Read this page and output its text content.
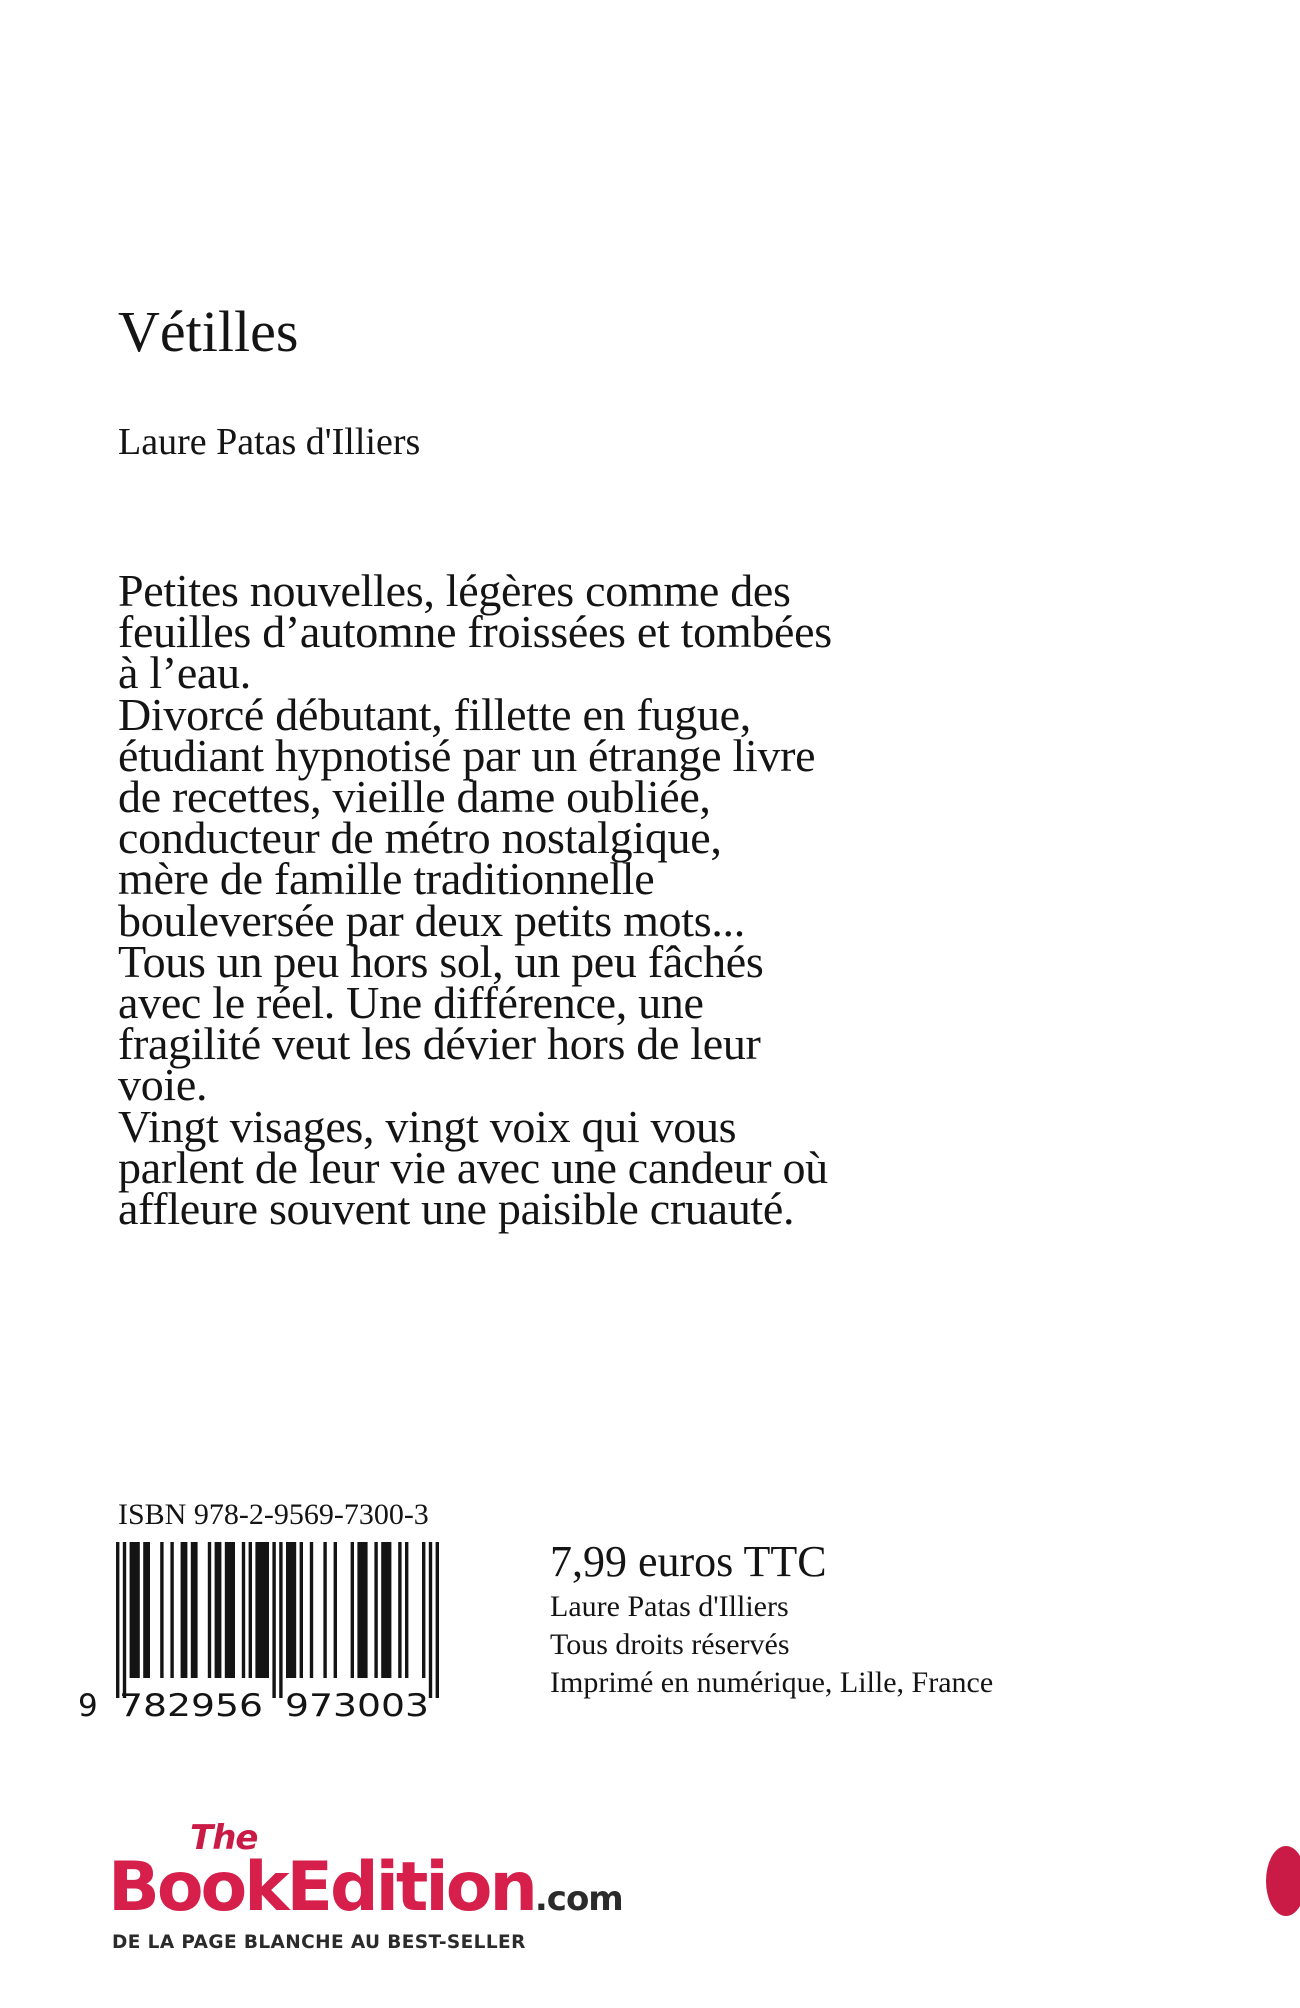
Vétilles
Laure Patas d'Illiers
Petites nouvelles, légères comme des
feuilles d’automne froissées et tombées
à l’eau.
Divorcé débutant, fillette en fugue,
étudiant hypnotisé par un étrange livre
de recettes, vieille dame oubliée,
conducteur de métro nostalgique,
mère de famille traditionnelle
bouleversée par deux petits mots...
Tous un peu hors sol, un peu fâchés
avec le réel. Une différence, une
fragilité veut les dévier hors de leur
voie.
Vingt visages, vingt voix qui vous
parlent de leur vie avec une candeur où
affleure souvent une paisible cruauté.
ISBN 978-2-9569-7300-3
9 782956 973003
7,99 euros TTC
Laure Patas d'Illiers
Tous droits réservés
Imprimé en numérique, Lille, France
The
BookEdition.com
DE LA PAGE BLANCHE AU BEST-SELLER
